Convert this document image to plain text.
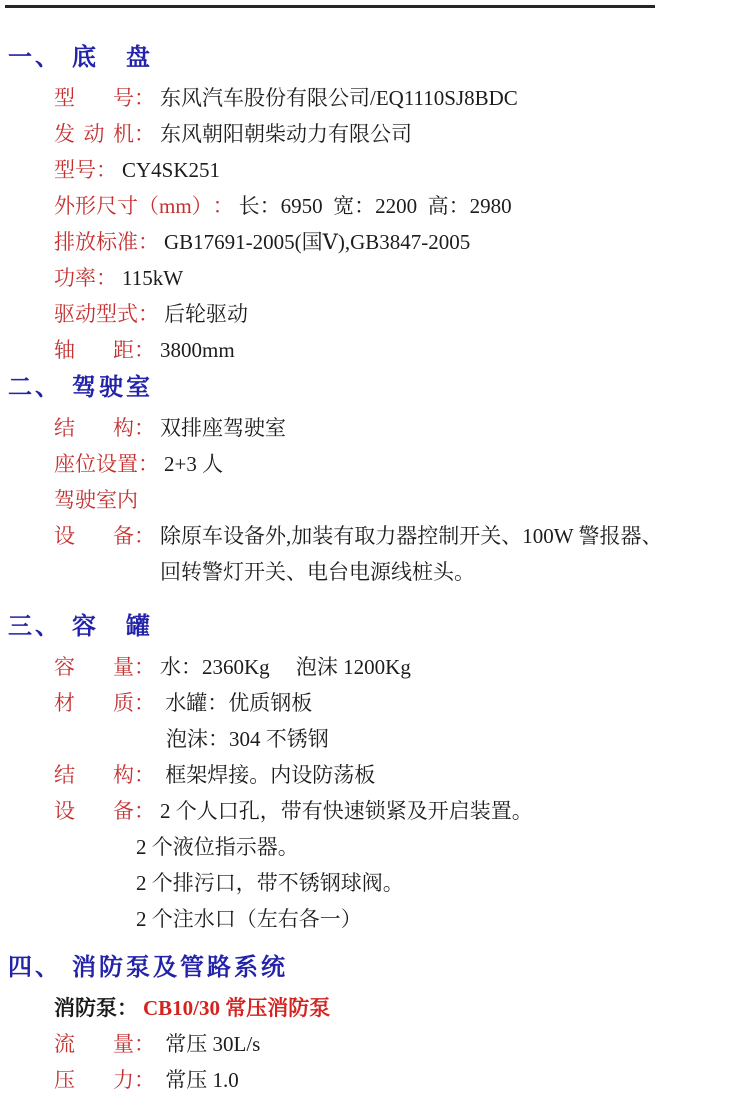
一、 底　盘
型 号 ： 东风汽车股份有限公司/EQ1110SJ8BDC
发 动 机 ： 东风朝阳朝柴动力有限公司
型号 ： CY4SK251
外形尺寸（mm） ： 长：6950  宽：2200  高：2980
排放标准 ： GB17691-2005(国Ⅴ),GB3847-2005
功率 ： 115kW
驱动型式 ： 后轮驱动
轴 距 ： 3800mm
二、 驾驶室
结 构 ： 双排座驾驶室
座位设置 ： 2+3 人
驾驶室内
设 备 ： 除原车设备外,加装有取力器控制开关、100W 警报器、回转警灯开关、电台电源线桩头。
三、 容　罐
容 量 ： 水：2360Kg　 泡沫 1200Kg
材 质 ： 水罐：优质钢板
泡沫：304 不锈钢
结 构 ： 框架焊接。内设防荡板
设 备 ： 2 个人口孔，带有快速锁紧及开启装置。
2 个液位指示器。
2 个排污口，带不锈钢球阀。
2 个注水口（左右各一）
四、 消防泵及管路系统
消防泵 ： CB10/30 常压消防泵
流 量 ： 常压 30L/s
压 力 ： 常压 1.0
